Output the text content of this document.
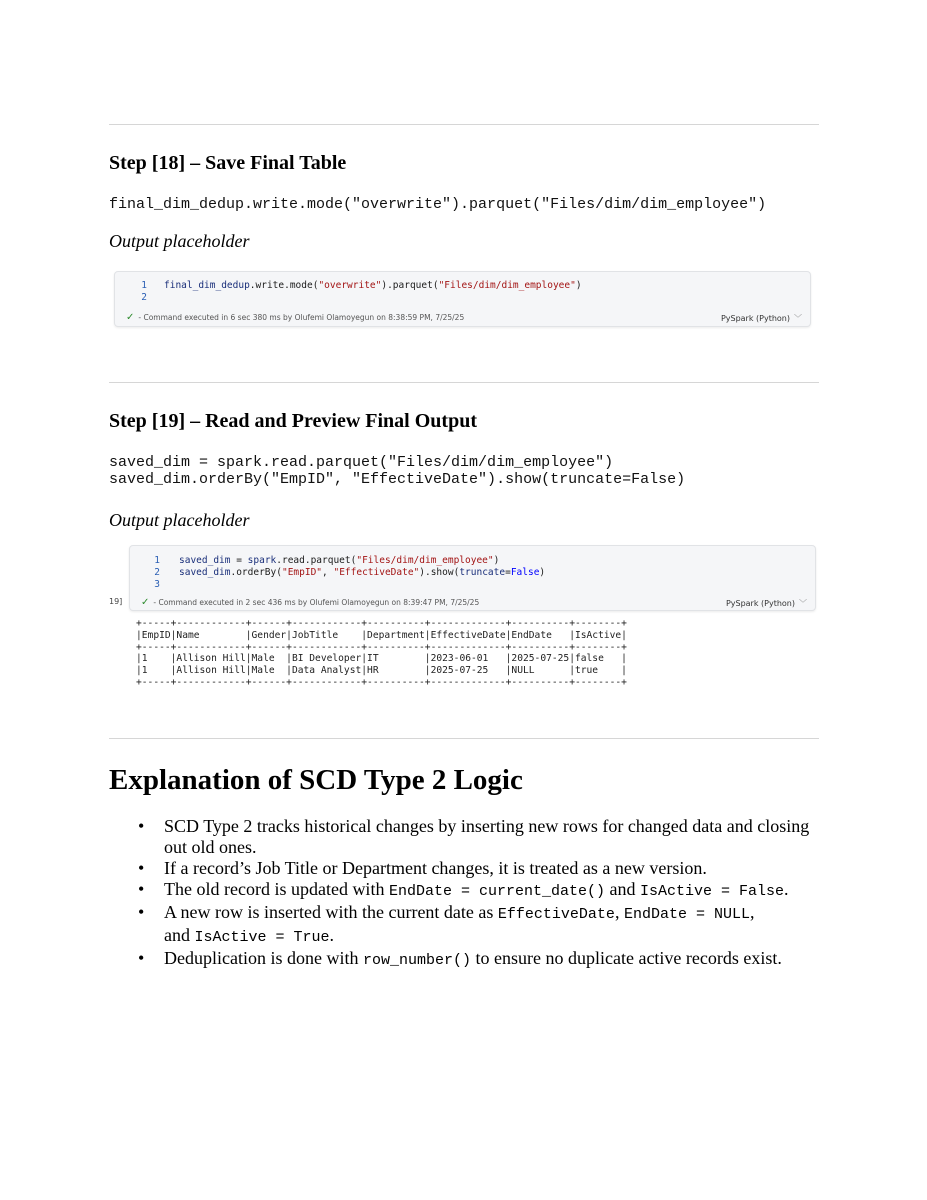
Step [18] – Save Final Table

final_dim_dedup.write.mode("overwrite").parquet("Files/dim/dim_employee")

Output placeholder

1
2
final_dim_dedup.write.mode("overwrite").parquet("Files/dim/dim_employee")
✓ - Command executed in 6 sec 380 ms by Olufemi Olamoyegun on 8:38:59 PM, 7/25/25	PySpark (Python) ﹀
Step [19] – Read and Preview Final Output

saved_dim = spark.read.parquet("Files/dim/dim_employee")

saved_dim.orderBy("EmpID", "EffectiveDate").show(truncate=False)

Output placeholder

19]
1
2
3
saved_dim = spark.read.parquet("Files/dim/dim_employee")
saved_dim.orderBy("EmpID", "EffectiveDate").show(truncate=False)
✓ - Command executed in 2 sec 436 ms by Olufemi Olamoyegun on 8:39:47 PM, 7/25/25	PySpark (Python) ﹀
+-----+------------+------+------------+----------+-------------+----------+--------+
|EmpID|Name        |Gender|JobTitle    |Department|EffectiveDate|EndDate   |IsActive|
+-----+------------+------+------------+----------+-------------+----------+--------+
|1    |Allison Hill|Male  |BI Developer|IT        |2023-06-01   |2025-07-25|false   |
|1    |Allison Hill|Male  |Data Analyst|HR        |2025-07-25   |NULL      |true    |
+-----+------------+------+------------+----------+-------------+----------+--------+
Explanation of SCD Type 2 Logic
• SCD Type 2 tracks historical changes by inserting new rows for changed data and closing out old ones.
• If a record’s Job Title or Department changes, it is treated as a new version.
• The old record is updated with EndDate = current_date() and IsActive = False.
• A new row is inserted with the current date as EffectiveDate, EndDate = NULL,
and IsActive = True.
• Deduplication is done with row_number() to ensure no duplicate active records exist.
